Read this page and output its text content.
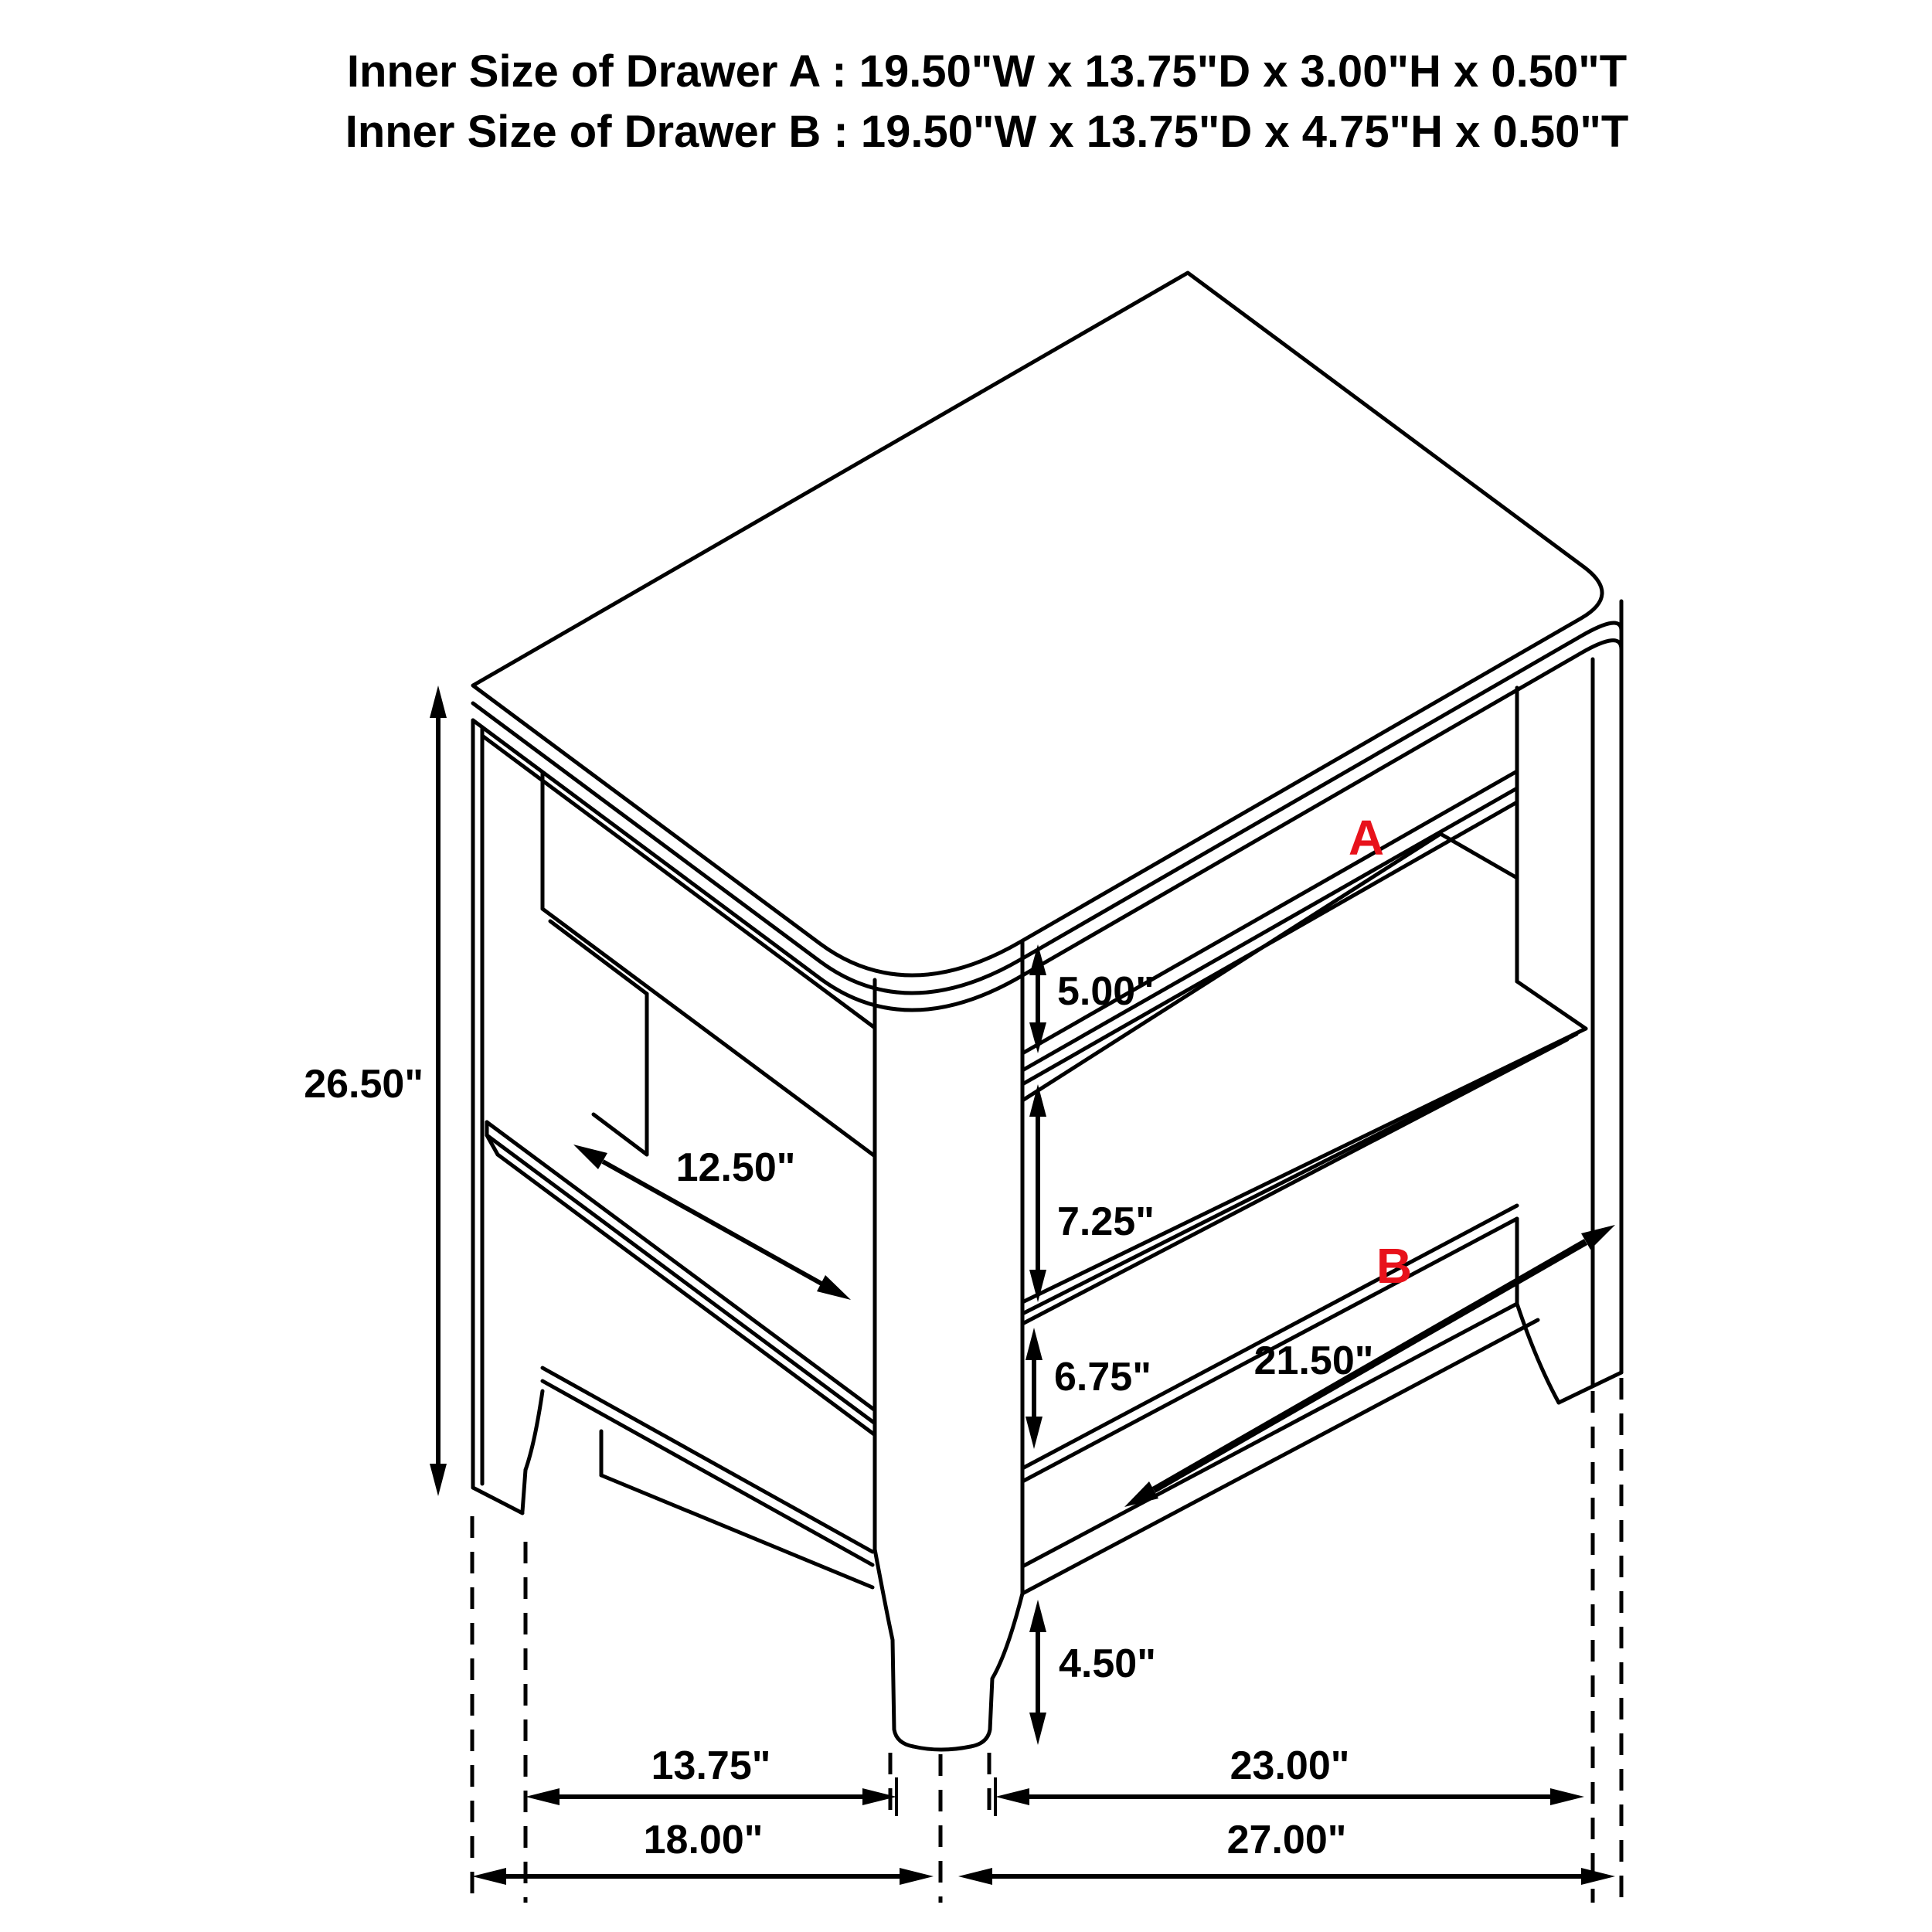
Inner Size of Drawer A : 19.50"W x 13.75"D x 3.00"H x 0.50"T
Inner Size of Drawer B : 19.50"W x 13.75"D x 4.75"H x 0.50"T
26.50"
12.50"
5.00"
7.25"
6.75"
4.50"
21.50"
13.75"	23.00"
18.00"	27.00"
A
B
